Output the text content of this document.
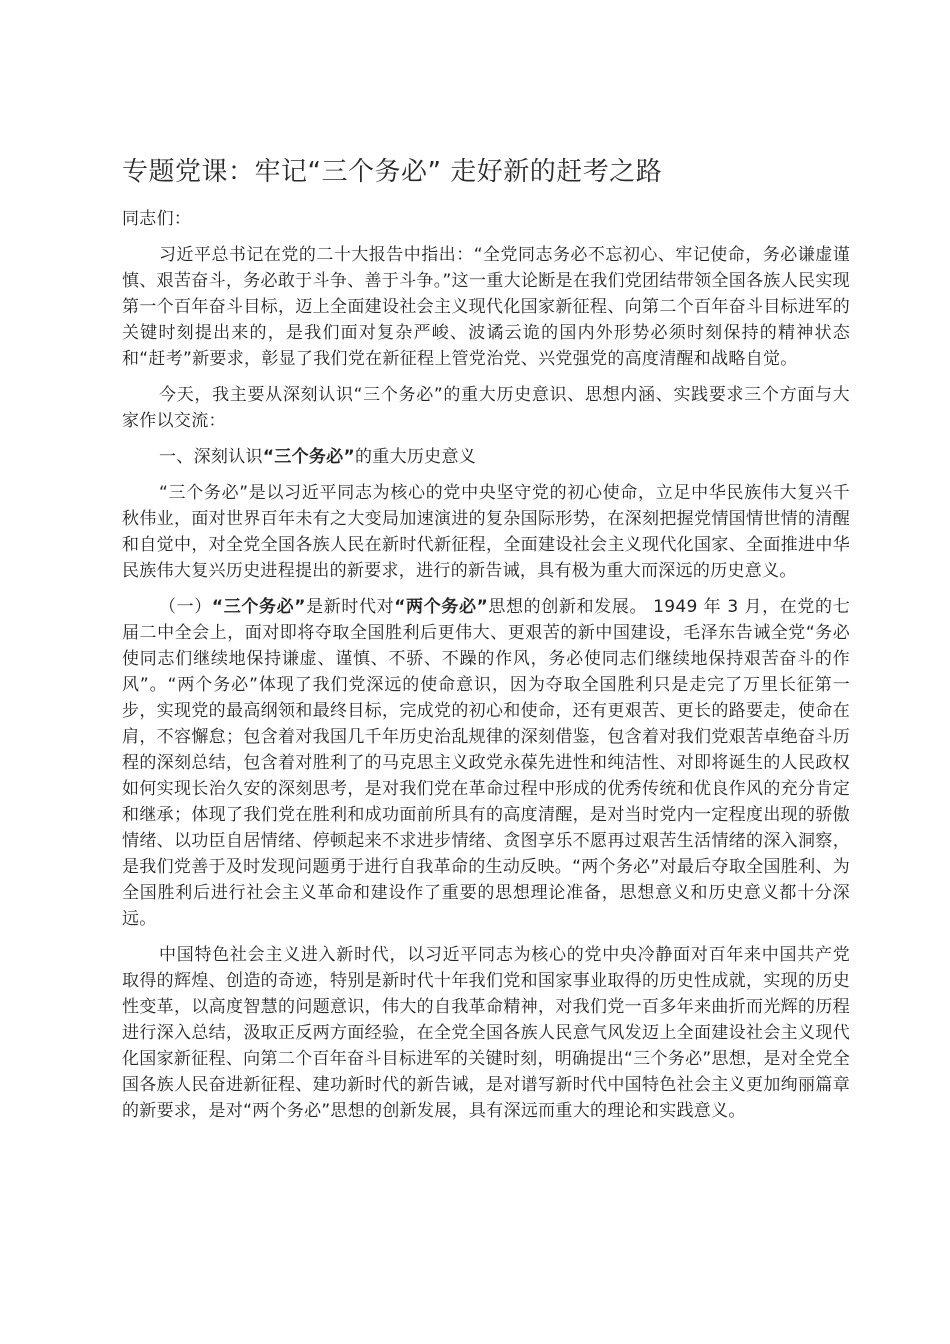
专题党课：牢记“三个务必” 走好新的赶考之路

同志们：

习近平总书记在党的二十大报告中指出：“全党同志务必不忘初心、牢记使命，务必谦虚谨慎、艰苦奋斗，务必敢于斗争、善于斗争。”这一重大论断是在我们党团结带领全国各族人民实现第一个百年奋斗目标，迈上全面建设社会主义现代化国家新征程、向第二个百年奋斗目标进军的关键时刻提出来的，是我们面对复杂严峻、波谲云诡的国内外形势必须时刻保持的精神状态和“赶考”新要求，彰显了我们党在新征程上管党治党、兴党强党的高度清醒和战略自觉。

今天，我主要从深刻认识“三个务必”的重大历史意识、思想内涵、实践要求三个方面与大家作以交流：

一、深刻认识“三个务必”的重大历史意义

“三个务必”是以习近平同志为核心的党中央坚守党的初心使命，立足中华民族伟大复兴千秋伟业，面对世界百年未有之大变局加速演进的复杂国际形势，在深刻把握党情国情世情的清醒和自觉中，对全党全国各族人民在新时代新征程，全面建设社会主义现代化国家、全面推进中华民族伟大复兴历史进程提出的新要求，进行的新告诫，具有极为重大而深远的历史意义。

（一）“三个务必”是新时代对“两个务必”思想的创新和发展。 1949 年 3 月，在党的七届二中全会上，面对即将夺取全国胜利后更伟大、更艰苦的新中国建设，毛泽东告诫全党“务必使同志们继续地保持谦虚、谨慎、不骄、不躁的作风，务必使同志们继续地保持艰苦奋斗的作风”。“两个务必”体现了我们党深远的使命意识，因为夺取全国胜利只是走完了万里长征第一步，实现党的最高纲领和最终目标，完成党的初心和使命，还有更艰苦、更长的路要走，使命在肩，不容懈怠；包含着对我国几千年历史治乱规律的深刻借鉴，包含着对我们党艰苦卓绝奋斗历程的深刻总结，包含着对胜利了的马克思主义政党永葆先进性和纯洁性、对即将诞生的人民政权如何实现长治久安的深刻思考，是对我们党在革命过程中形成的优秀传统和优良作风的充分肯定和继承；体现了我们党在胜利和成功面前所具有的高度清醒，是对当时党内一定程度出现的骄傲情绪、以功臣自居情绪、停顿起来不求进步情绪、贪图享乐不愿再过艰苦生活情绪的深入洞察，是我们党善于及时发现问题勇于进行自我革命的生动反映。“两个务必”对最后夺取全国胜利、为全国胜利后进行社会主义革命和建设作了重要的思想理论准备，思想意义和历史意义都十分深远。

中国特色社会主义进入新时代，以习近平同志为核心的党中央冷静面对百年来中国共产党取得的辉煌、创造的奇迹，特别是新时代十年我们党和国家事业取得的历史性成就，实现的历史性变革，以高度智慧的问题意识，伟大的自我革命精神，对我们党一百多年来曲折而光辉的历程进行深入总结，汲取正反两方面经验，在全党全国各族人民意气风发迈上全面建设社会主义现代化国家新征程、向第二个百年奋斗目标进军的关键时刻，明确提出“三个务必”思想，是对全党全国各族人民奋进新征程、建功新时代的新告诫，是对谱写新时代中国特色社会主义更加绚丽篇章的新要求，是对“两个务必”思想的创新发展，具有深远而重大的理论和实践意义。
